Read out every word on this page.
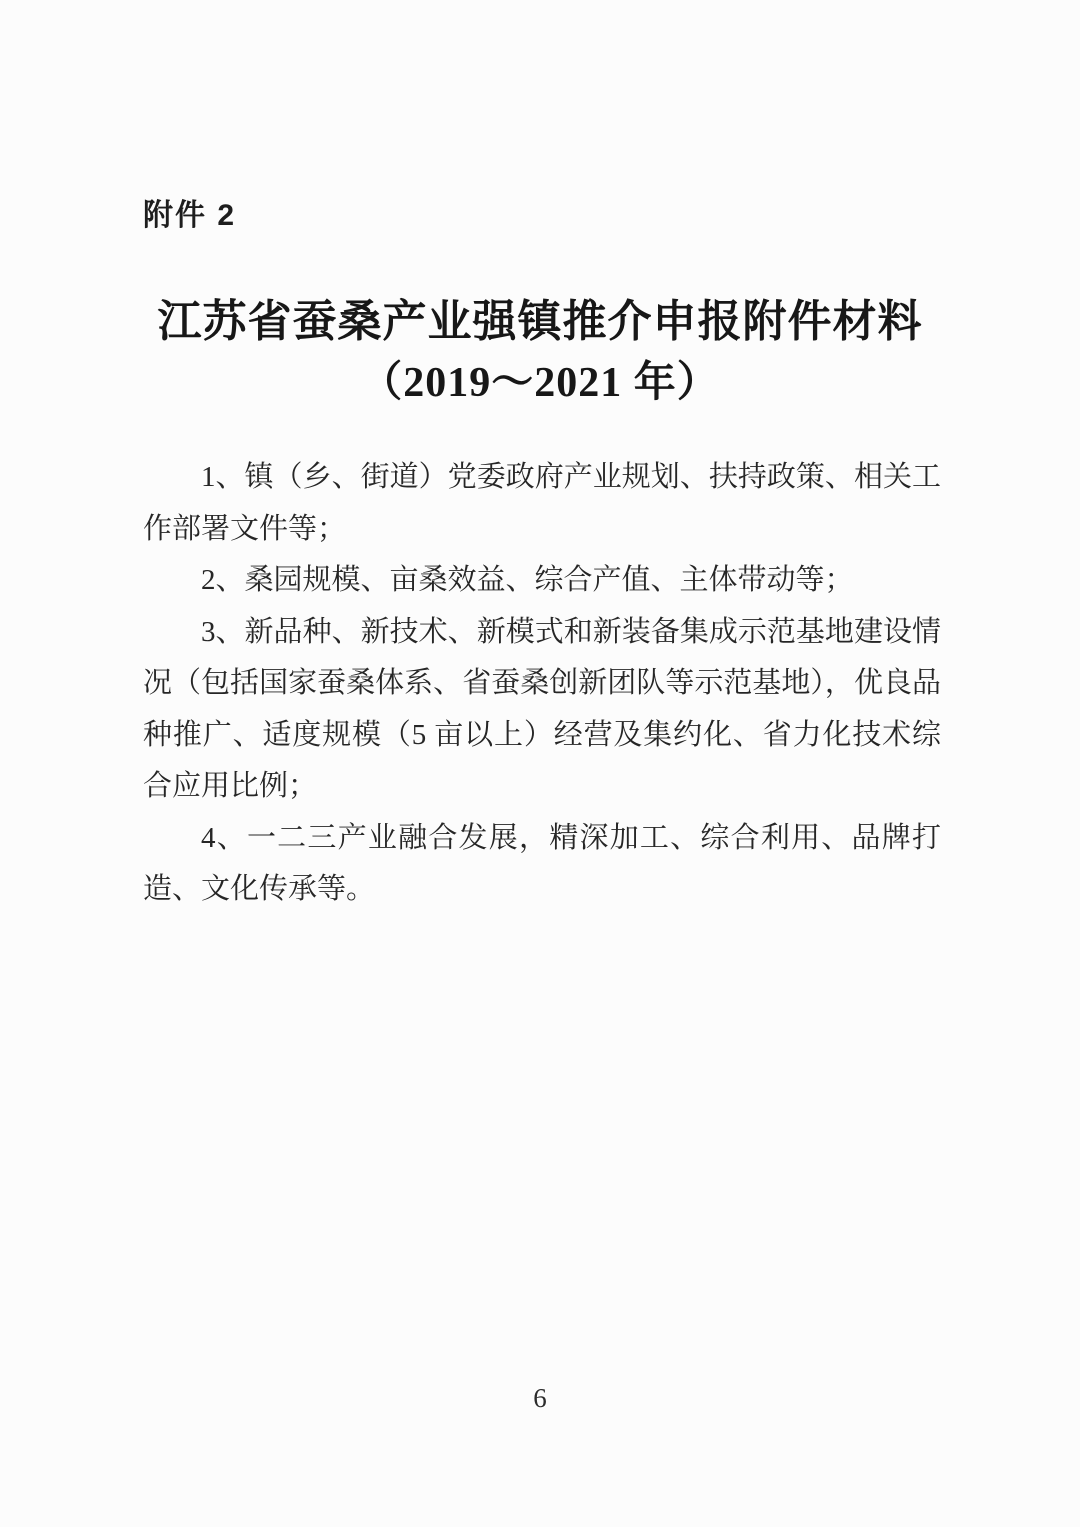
附件 2
江苏省蚕桑产业强镇推介申报附件材料
（2019～2021 年）

1、镇（乡、街道）党委政府产业规划、扶持政策、相关工作部署文件等；

2、桑园规模、亩桑效益、综合产值、主体带动等；

3、新品种、新技术、新模式和新装备集成示范基地建设情况（包括国家蚕桑体系、省蚕桑创新团队等示范基地），优良品种推广、适度规模（5 亩以上）经营及集约化、省力化技术综合应用比例；

4、一二三产业融合发展，精深加工、综合利用、品牌打造、文化传承等。

6
